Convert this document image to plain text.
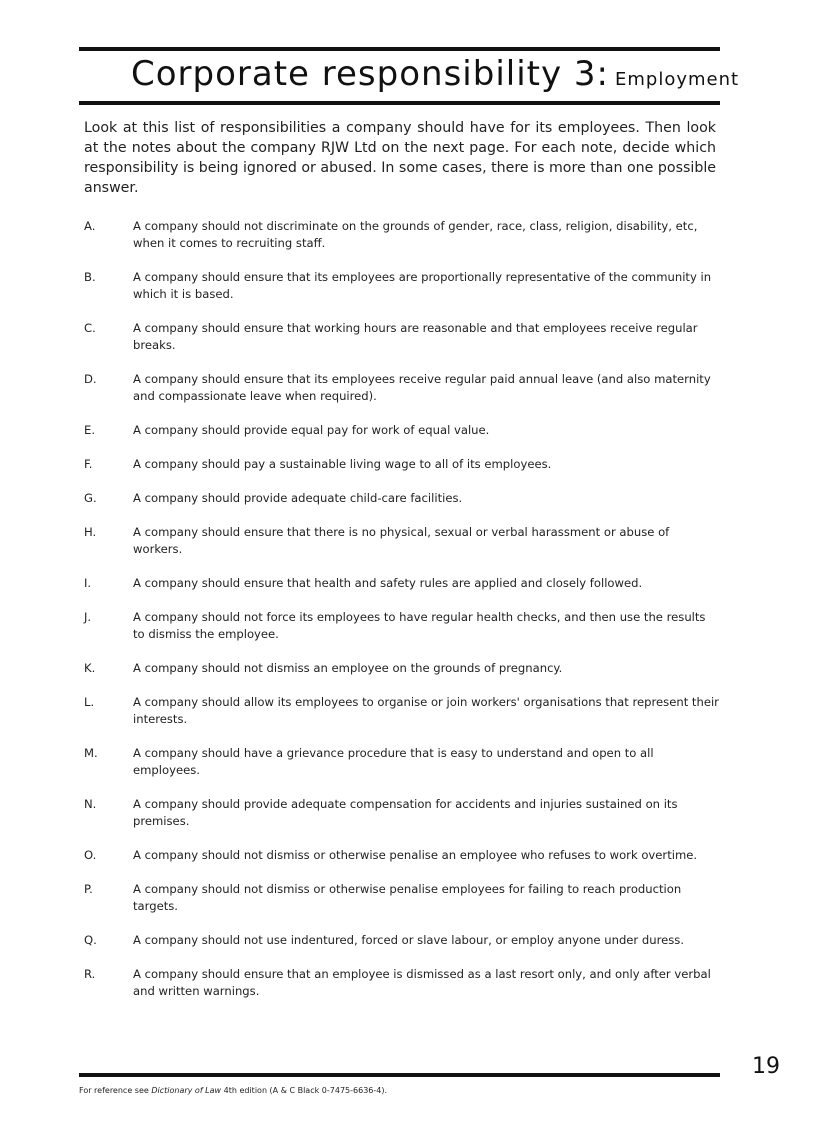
Corporate responsibility 3: Employment

Look at this list of responsibilities a company should have for its employees. Then look at the notes about the company RJW Ltd on the next page. For each note, decide which responsibility is being ignored or abused. In some cases, there is more than one possible answer.

A.	A company should not discriminate on the grounds of gender, race, class, religion, disability, etc, when it comes to recruiting staff.
B.	A company should ensure that its employees are proportionally representative of the community in which it is based.
C.	A company should ensure that working hours are reasonable and that employees receive regular breaks.
D.	A company should ensure that its employees receive regular paid annual leave (and also maternity and compassionate leave when required).
E.	A company should provide equal pay for work of equal value.
F.	A company should pay a sustainable living wage to all of its employees.
G.	A company should provide adequate child-care facilities.
H.	A company should ensure that there is no physical, sexual or verbal harassment or abuse of workers.
I.	A company should ensure that health and safety rules are applied and closely followed.
J.	A company should not force its employees to have regular health checks, and then use the results to dismiss the employee.
K.	A company should not dismiss an employee on the grounds of pregnancy.
L.	A company should allow its employees to organise or join workers' organisations that represent their interests.
M.	A company should have a grievance procedure that is easy to understand and open to all employees.
N.	A company should provide adequate compensation for accidents and injuries sustained on its premises.
O.	A company should not dismiss or otherwise penalise an employee who refuses to work overtime.
P.	A company should not dismiss or otherwise penalise employees for failing to reach production targets.
Q.	A company should not use indentured, forced or slave labour, or employ anyone under duress.
R.	A company should ensure that an employee is dismissed as a last resort only, and only after verbal and written warnings.
19
For reference see Dictionary of Law 4th edition (A & C Black 0-7475-6636-4).
